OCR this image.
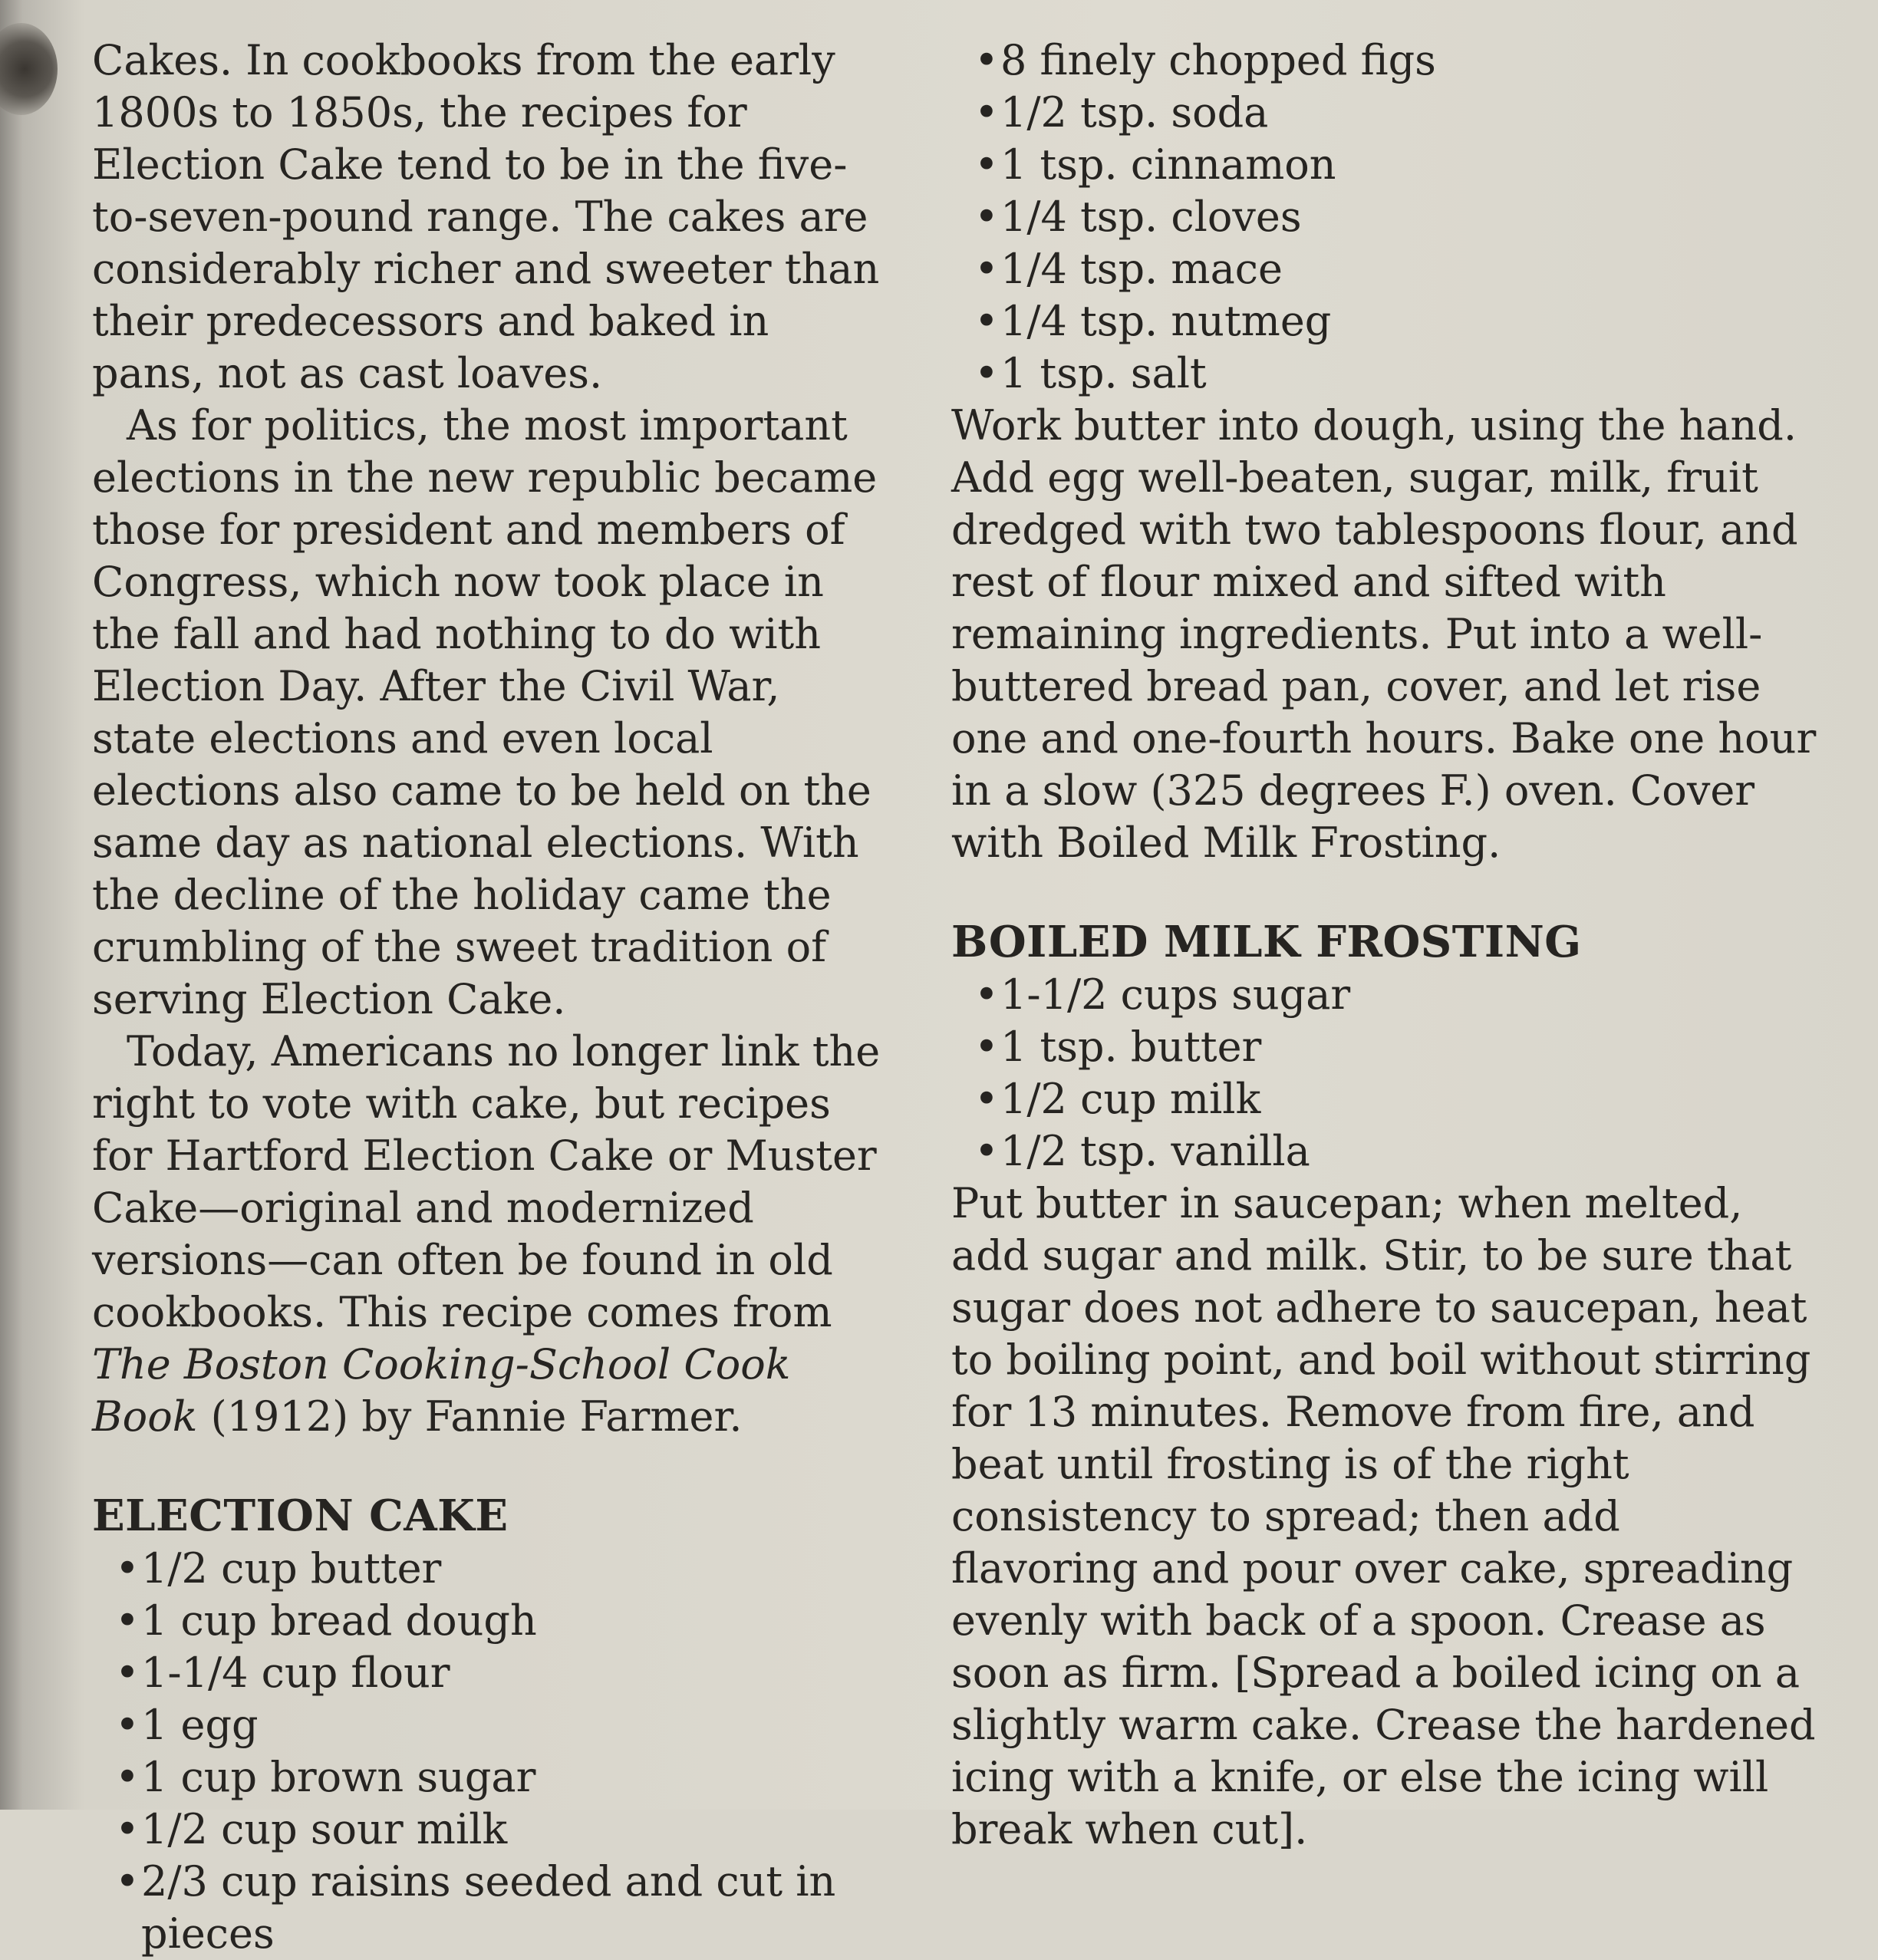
Cakes. In cookbooks from the early 1800s to 1850s, the recipes for Election Cake tend to be in the five-to-seven-pound range. The cakes are considerably richer and sweeter than their predecessors and baked in pans, not as cast loaves.

As for politics, the most important elections in the new republic became those for president and members of Congress, which now took place in the fall and had nothing to do with Election Day. After the Civil War, state elections and even local elections also came to be held on the same day as national elections. With the decline of the holiday came the crumbling of the sweet tradition of serving Election Cake.

Today, Americans no longer link the right to vote with cake, but recipes for Hartford Election Cake or Muster Cake—original and modernized versions—can often be found in old cookbooks. This recipe comes from The Boston Cooking-School Cook Book (1912) by Fannie Farmer.

ELECTION CAKE
• 1/2 cup butter
• 1 cup bread dough
• 1-1/4 cup flour
• 1 egg
• 1 cup brown sugar
• 1/2 cup sour milk
• 2/3 cup raisins seeded and cut in pieces
• 8 finely chopped figs
• 1/2 tsp. soda
• 1 tsp. cinnamon
• 1/4 tsp. cloves
• 1/4 tsp. mace
• 1/4 tsp. nutmeg
• 1 tsp. salt

Work butter into dough, using the hand. Add egg well-beaten, sugar, milk, fruit dredged with two tablespoons flour, and rest of flour mixed and sifted with remaining ingredients. Put into a well-buttered bread pan, cover, and let rise one and one-fourth hours. Bake one hour in a slow (325 degrees F.) oven. Cover with Boiled Milk Frosting.

BOILED MILK FROSTING
• 1-1/2 cups sugar
• 1 tsp. butter
• 1/2 cup milk
• 1/2 tsp. vanilla

Put butter in saucepan; when melted, add sugar and milk. Stir, to be sure that sugar does not adhere to saucepan, heat to boiling point, and boil without stirring for 13 minutes. Remove from fire, and beat until frosting is of the right consistency to spread; then add flavoring and pour over cake, spreading evenly with back of a spoon. Crease as soon as firm. [Spread a boiled icing on a slightly warm cake. Crease the hardened icing with a knife, or else the icing will break when cut].
